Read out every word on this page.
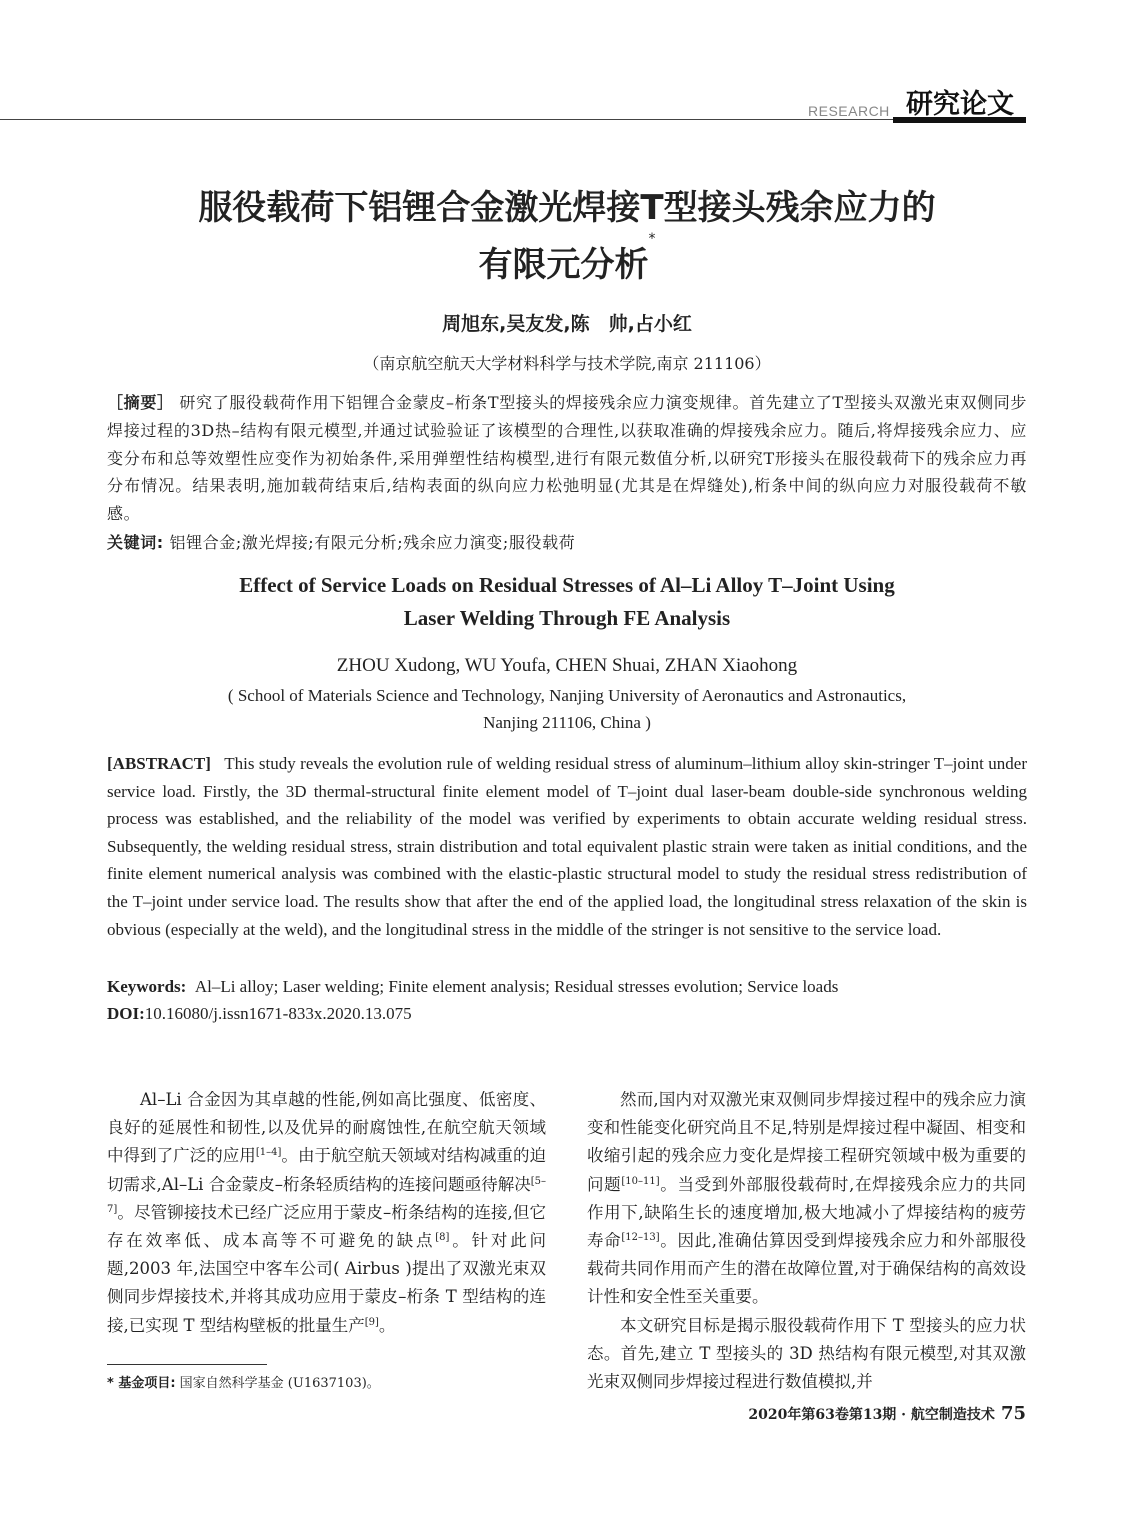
RESEARCH 研究论文
服役载荷下铝锂合金激光焊接T型接头残余应力的
有限元分析*
周旭东,吴友发,陈　帅,占小红
（南京航空航天大学材料科学与技术学院,南京 211106）
［摘要］ 研究了服役载荷作用下铝锂合金蒙皮–桁条T型接头的焊接残余应力演变规律。首先建立了T型接头双激光束双侧同步焊接过程的3D热–结构有限元模型,并通过试验验证了该模型的合理性,以获取准确的焊接残余应力。随后,将焊接残余应力、应变分布和总等效塑性应变作为初始条件,采用弹塑性结构模型,进行有限元数值分析,以研究T形接头在服役载荷下的残余应力再分布情况。结果表明,施加载荷结束后,结构表面的纵向应力松弛明显(尤其是在焊缝处),桁条中间的纵向应力对服役载荷不敏感。
关键词: 铝锂合金;激光焊接;有限元分析;残余应力演变;服役载荷
Effect of Service Loads on Residual Stresses of Al–Li Alloy T–Joint Using
Laser Welding Through FE Analysis
ZHOU Xudong, WU Youfa, CHEN Shuai, ZHAN Xiaohong
( School of Materials Science and Technology, Nanjing University of Aeronautics and Astronautics,
Nanjing 211106, China )
[ABSTRACT] This study reveals the evolution rule of welding residual stress of aluminum–lithium alloy skin-stringer T–joint under service load. Firstly, the 3D thermal-structural finite element model of T–joint dual laser-beam double-side synchronous welding process was established, and the reliability of the model was verified by experiments to obtain accurate welding residual stress. Subsequently, the welding residual stress, strain distribution and total equivalent plastic strain were taken as initial conditions, and the finite element numerical analysis was combined with the elastic-plastic structural model to study the residual stress redistribution of the T–joint under service load. The results show that after the end of the applied load, the longitudinal stress relaxation of the skin is obvious (especially at the weld), and the longitudinal stress in the middle of the stringer is not sensitive to the service load.
Keywords: Al–Li alloy; Laser welding; Finite element analysis; Residual stresses evolution; Service loads
DOI:10.16080/j.issn1671-833x.2020.13.075

Al–Li 合金因为其卓越的性能,例如高比强度、低密度、良好的延展性和韧性,以及优异的耐腐蚀性,在航空航天领域中得到了广泛的应用[1–4]。由于航空航天领域对结构减重的迫切需求,Al–Li 合金蒙皮–桁条轻质结构的连接问题亟待解决[5–7]。尽管铆接技术已经广泛应用于蒙皮–桁条结构的连接,但它存在效率低、成本高等不可避免的缺点[8]。针对此问题,2003 年,法国空中客车公司( Airbus )提出了双激光束双侧同步焊接技术,并将其成功应用于蒙皮–桁条 T 型结构的连接,已实现 T 型结构壁板的批量生产[9]。

然而,国内对双激光束双侧同步焊接过程中的残余应力演变和性能变化研究尚且不足,特别是焊接过程中凝固、相变和收缩引起的残余应力变化是焊接工程研究领域中极为重要的问题[10–11]。当受到外部服役载荷时,在焊接残余应力的共同作用下,缺陷生长的速度增加,极大地减小了焊接结构的疲劳寿命[12–13]。因此,准确估算因受到焊接残余应力和外部服役载荷共同作用而产生的潜在故障位置,对于确保结构的高效设计性和安全性至关重要。

本文研究目标是揭示服役载荷作用下 T 型接头的应力状态。首先,建立 T 型接头的 3D 热结构有限元模型,对其双激光束双侧同步焊接过程进行数值模拟,并

* 基金项目: 国家自然科学基金 (U1637103)。
2020年第63卷第13期 · 航空制造技术 75
